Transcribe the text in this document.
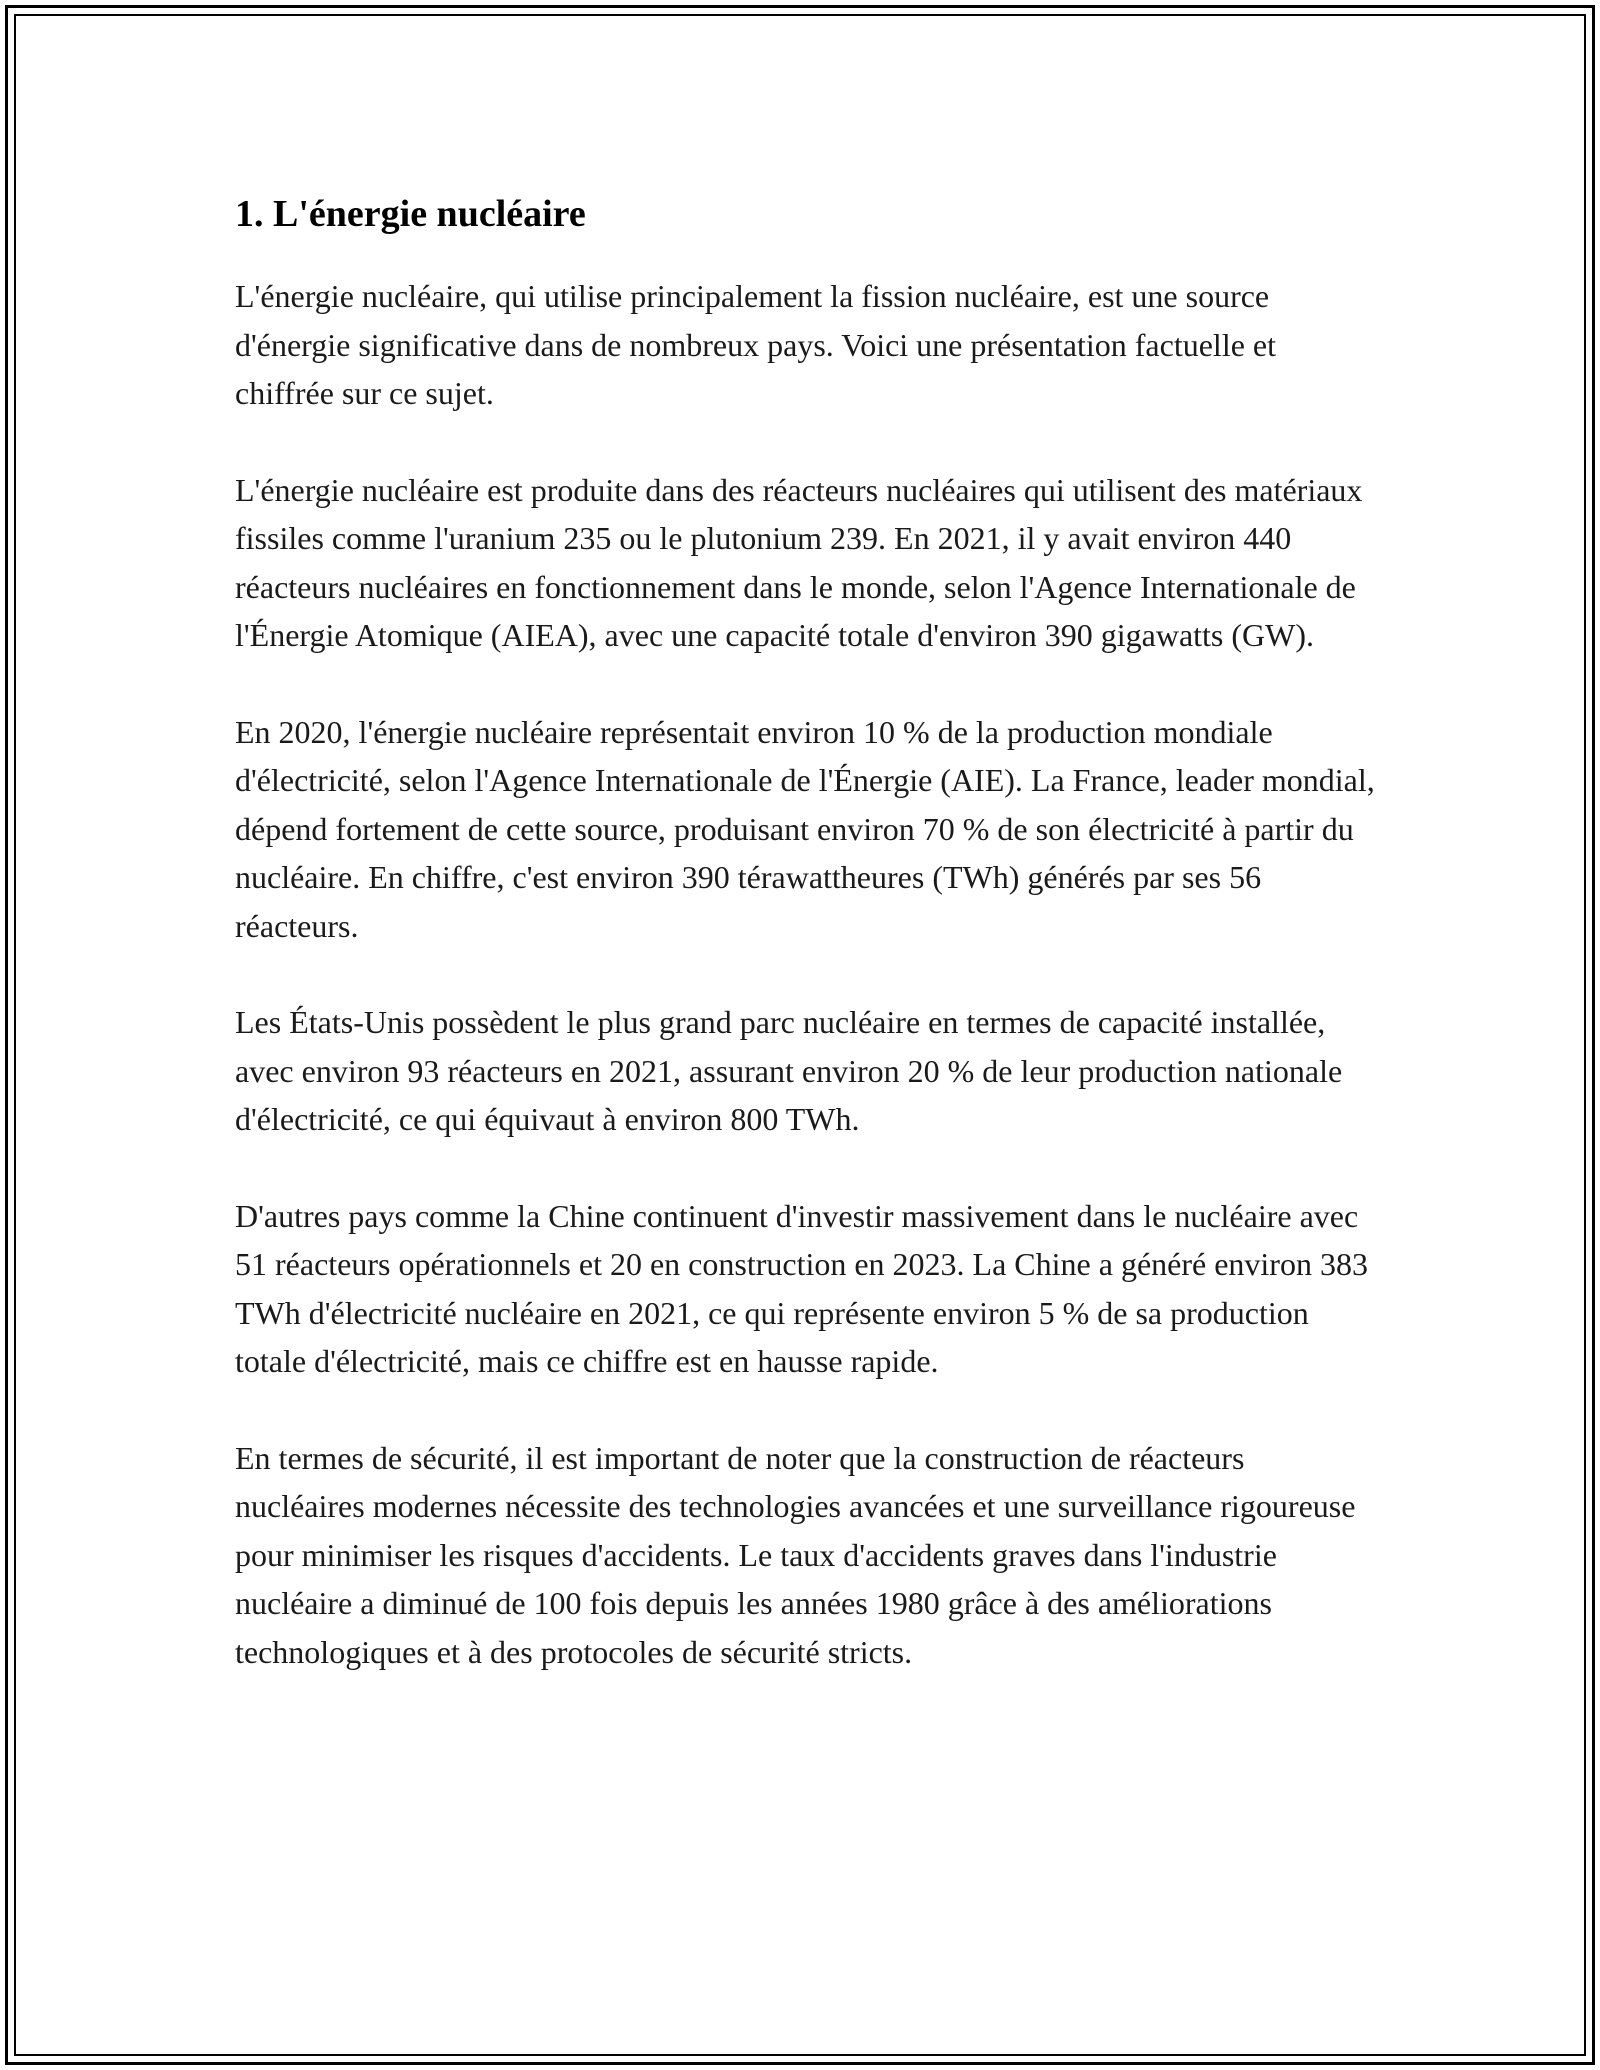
1. L'énergie nucléaire

L'énergie nucléaire, qui utilise principalement la fission nucléaire, est une source d'énergie significative dans de nombreux pays. Voici une présentation factuelle et chiffrée sur ce sujet.

L'énergie nucléaire est produite dans des réacteurs nucléaires qui utilisent des matériaux fissiles comme l'uranium 235 ou le plutonium 239. En 2021, il y avait environ 440 réacteurs nucléaires en fonctionnement dans le monde, selon l'Agence Internationale de l'Énergie Atomique (AIEA), avec une capacité totale d'environ 390 gigawatts (GW).

En 2020, l'énergie nucléaire représentait environ 10 % de la production mondiale d'électricité, selon l'Agence Internationale de l'Énergie (AIE). La France, leader mondial, dépend fortement de cette source, produisant environ 70 % de son électricité à partir du nucléaire. En chiffre, c'est environ 390 térawattheures (TWh) générés par ses 56 réacteurs.

Les États-Unis possèdent le plus grand parc nucléaire en termes de capacité installée, avec environ 93 réacteurs en 2021, assurant environ 20 % de leur production nationale d'électricité, ce qui équivaut à environ 800 TWh.

D'autres pays comme la Chine continuent d'investir massivement dans le nucléaire avec 51 réacteurs opérationnels et 20 en construction en 2023. La Chine a généré environ 383 TWh d'électricité nucléaire en 2021, ce qui représente environ 5 % de sa production totale d'électricité, mais ce chiffre est en hausse rapide.

En termes de sécurité, il est important de noter que la construction de réacteurs nucléaires modernes nécessite des technologies avancées et une surveillance rigoureuse pour minimiser les risques d'accidents. Le taux d'accidents graves dans l'industrie nucléaire a diminué de 100 fois depuis les années 1980 grâce à des améliorations technologiques et à des protocoles de sécurité stricts.
